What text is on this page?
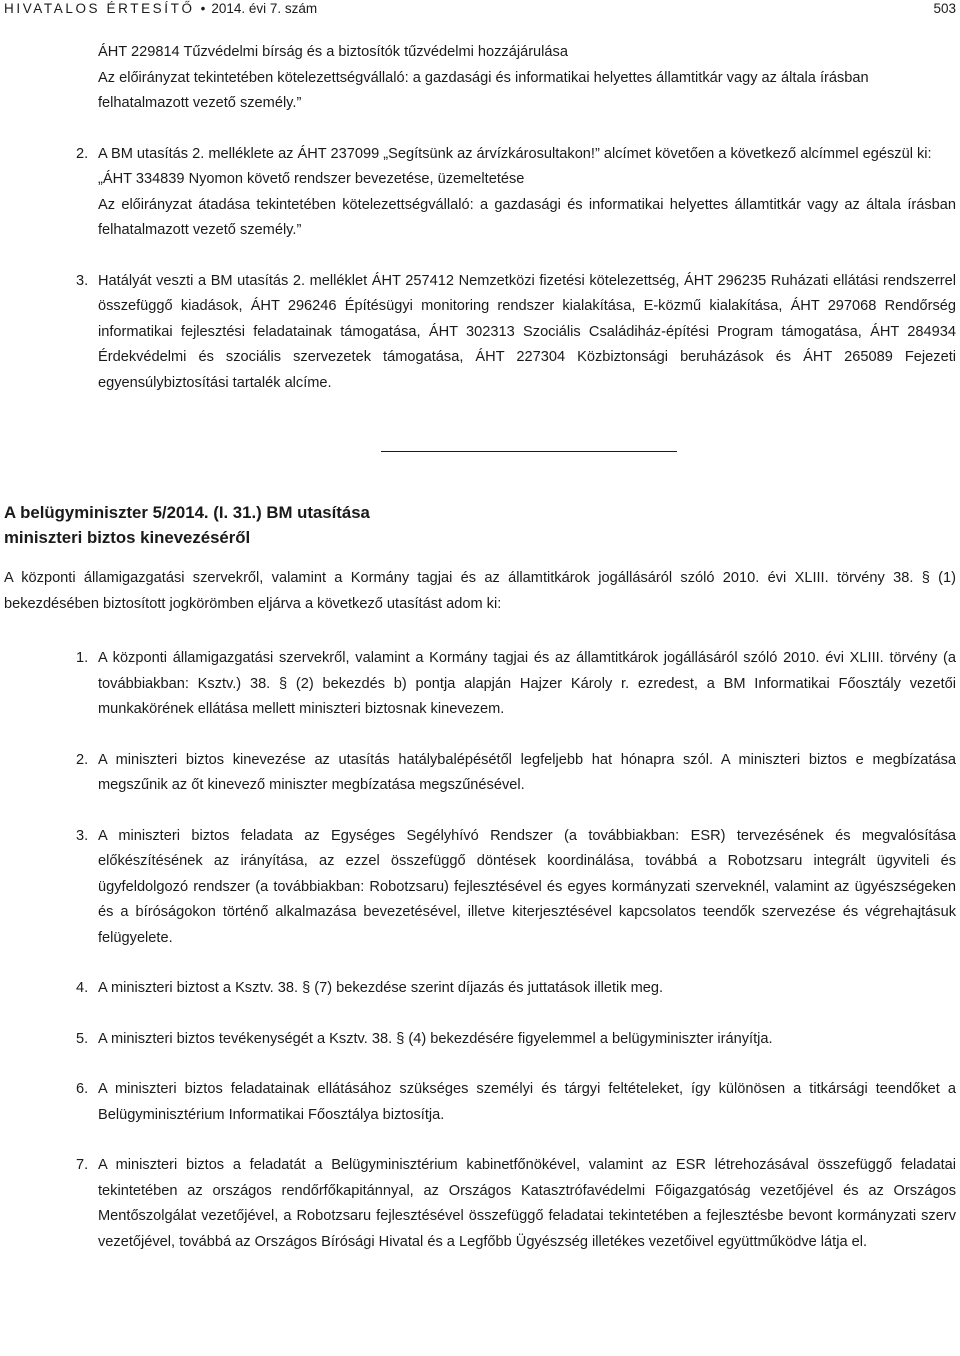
HIVATALOS ÉRTESÍTŐ • 2014. évi 7. szám	503

ÁHT 229814 Tűzvédelmi bírság és a biztosítók tűzvédelmi hozzájárulása

Az előirányzat tekintetében kötelezettségvállaló: a gazdasági és informatikai helyettes államtitkár vagy az általa írásban felhatalmazott vezető személy.”

2. A BM utasítás 2. melléklete az ÁHT 237099 „Segítsünk az árvízkárosultakon!” alcímet követően a következő alcímmel egészül ki:

„ÁHT 334839 Nyomon követő rendszer bevezetése, üzemeltetése

Az előirányzat átadása tekintetében kötelezettségvállaló: a gazdasági és informatikai helyettes államtitkár vagy az általa írásban felhatalmazott vezető személy.”

3. Hatályát veszti a BM utasítás 2. melléklet ÁHT 257412 Nemzetközi fizetési kötelezettség, ÁHT 296235 Ruházati ellátási rendszerrel összefüggő kiadások, ÁHT 296246 Építésügyi monitoring rendszer kialakítása, E-közmű kialakítása, ÁHT 297068 Rendőrség informatikai fejlesztési feladatainak támogatása, ÁHT 302313 Szociális Családiház-építési Program támogatása, ÁHT 284934 Érdekvédelmi és szociális szervezetek támogatása, ÁHT 227304 Közbiztonsági beruházások és ÁHT 265089 Fejezeti egyensúlybiztosítási tartalék alcíme.

A belügyminiszter 5/2014. (I. 31.) BM utasítása
miniszteri biztos kinevezéséről

A központi államigazgatási szervekről, valamint a Kormány tagjai és az államtitkárok jogállásáról szóló 2010. évi XLIII. törvény 38. § (1) bekezdésében biztosított jogkörömben eljárva a következő utasítást adom ki:

1. A központi államigazgatási szervekről, valamint a Kormány tagjai és az államtitkárok jogállásáról szóló 2010. évi XLIII. törvény (a továbbiakban: Ksztv.) 38. § (2) bekezdés b) pontja alapján Hajzer Károly r. ezredest, a BM Informatikai Főosztály vezetői munkakörének ellátása mellett miniszteri biztosnak kinevezem.

2. A miniszteri biztos kinevezése az utasítás hatálybalépésétől legfeljebb hat hónapra szól. A miniszteri biztos e megbízatása megszűnik az őt kinevező miniszter megbízatása megszűnésével.

3. A miniszteri biztos feladata az Egységes Segélyhívó Rendszer (a továbbiakban: ESR) tervezésének és megvalósítása előkészítésének az irányítása, az ezzel összefüggő döntések koordinálása, továbbá a Robotzsaru integrált ügyviteli és ügyfeldolgozó rendszer (a továbbiakban: Robotzsaru) fejlesztésével és egyes kormányzati szerveknél, valamint az ügyészségeken és a bíróságokon történő alkalmazása bevezetésével, illetve kiterjesztésével kapcsolatos teendők szervezése és végrehajtásuk felügyelete.

4. A miniszteri biztost a Ksztv. 38. § (7) bekezdése szerint díjazás és juttatások illetik meg.

5. A miniszteri biztos tevékenységét a Ksztv. 38. § (4) bekezdésére figyelemmel a belügyminiszter irányítja.

6. A miniszteri biztos feladatainak ellátásához szükséges személyi és tárgyi feltételeket, így különösen a titkársági teendőket a Belügyminisztérium Informatikai Főosztálya biztosítja.

7. A miniszteri biztos a feladatát a Belügyminisztérium kabinetfőnökével, valamint az ESR létrehozásával összefüggő feladatai tekintetében az országos rendőrfőkapitánnyal, az Országos Katasztrófavédelmi Főigazgatóság vezetőjével és az Országos Mentőszolgálat vezetőjével, a Robotzsaru fejlesztésével összefüggő feladatai tekintetében a fejlesztésbe bevont kormányzati szerv vezetőjével, továbbá az Országos Bírósági Hivatal és a Legfőbb Ügyészség illetékes vezetőivel együttműködve látja el.
